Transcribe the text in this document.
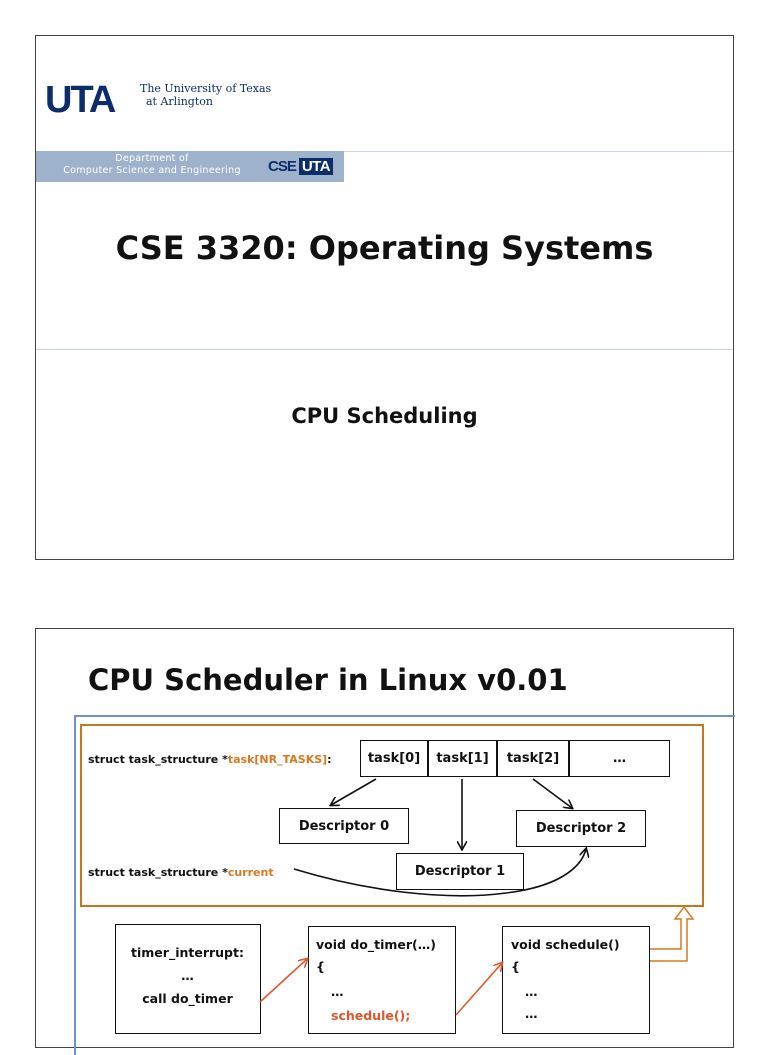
UTA The University of Texas
at Arlington
Department of
Computer Science and Engineering	CSE UTA
CSE 3320: Operating Systems
CPU Scheduling
CPU Scheduler in Linux v0.01
struct task_structure *task[NR_TASKS]:	task[0]	task[1]	task[2]	…
Descriptor 0	Descriptor 2
Descriptor 1
struct task_structure *current
timer_interrupt:
…
call do_timer
void do_timer(…)
{
…
schedule();
void schedule()
{
…
…
